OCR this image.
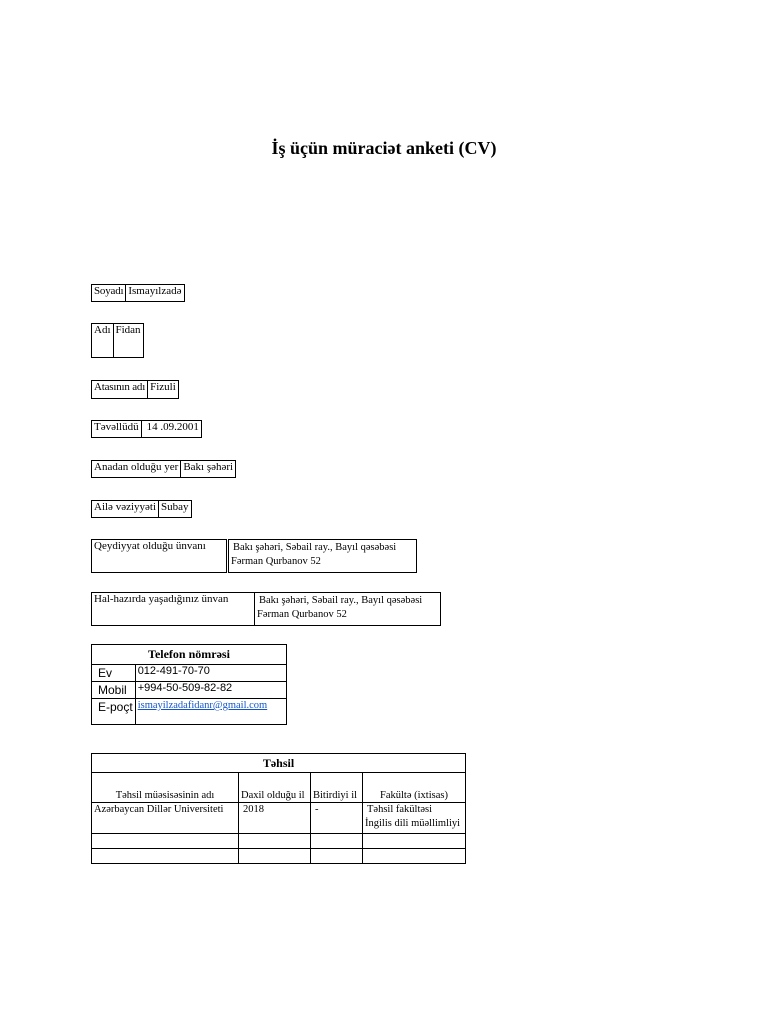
İş üçün müraciət anketi (CV)
Soyadı	Ismayılzadə
Adı	Fidan
Atasının adı	Fizuli
Təvəllüdü	14 .09.2001
Anadan olduğu yer	Bakı şəhəri
Ailə vəziyyəti	Subay
Qeydiyyat olduğu ünvanı	Bakı şəhəri, Səbail ray., Bayıl qəsəbəsi
Fərman Qurbanov 52
Hal-hazırda yaşadığınız ünvan	Bakı şəhəri, Səbail ray., Bayıl qəsəbəsi
Fərman Qurbanov 52
Telefon nömrəsi	
Ev	012-491-70-70
Mobil	+994-50-509-82-82
E-poçt	ismayilzadafidanr@gmail.com
Təhsil			
Təhsil müəsisəsinin adı	Daxil olduğu il	Bitirdiyi il	Fakültə (ixtisas)
Azərbaycan Dillər Universiteti	2018	-	Təhsil fakültəsi
İngilis dili müəllimliyi
